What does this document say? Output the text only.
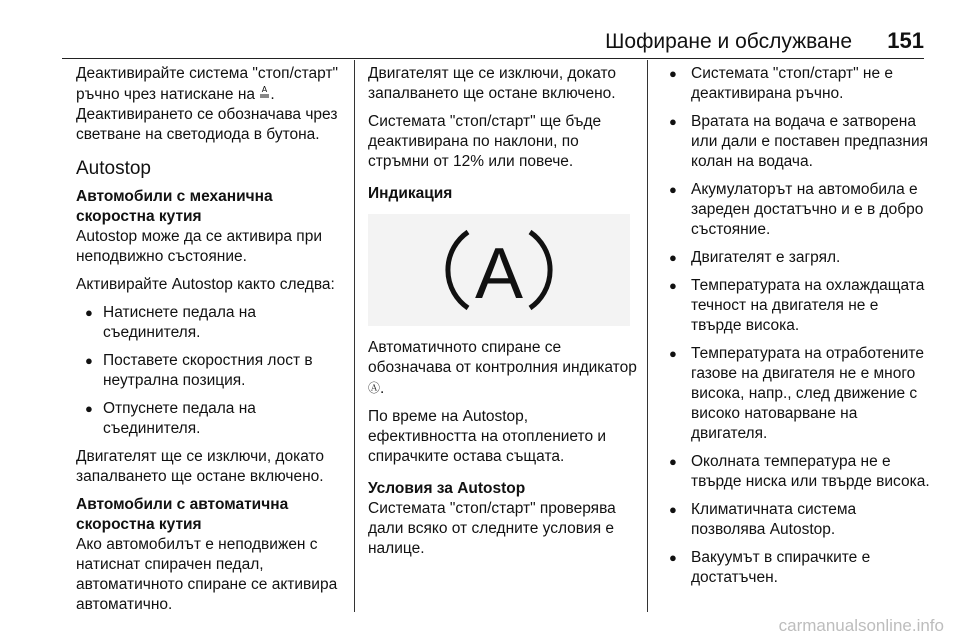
Шофиране и обслужване 151

Деактивирайте система "стоп/старт" ръчно чрез натискане на A . Деактивирането се обозначава чрез светване на светодиода в бутона.

Autostop

Автомобили с механична скоростна кутия

Autostop може да се активира при неподвижно състояние.

Активирайте Autostop както следва:

● Натиснете педала на съединителя.
● Поставете скоростния лост в неутрална позиция.
● Отпуснете педала на съединителя.

Двигателят ще се изключи, докато запалването ще остане включено.

Автомобили с автоматична скоростна кутия

Ако автомобилът е неподвижен с натиснат спирачен педал, автоматичното спиране се активира автоматично.

Двигателят ще се изключи, докато запалването ще остане включено.

Системата "стоп/старт" ще бъде деактивирана по наклони, по стръмни от 12% или повече.

Индикация
A

Автоматичното спиране се обозначава от контролния индикатор Ⓐ.

По време на Autostop, ефективността на отоплението и спирачките остава същата.

Условия за Autostop

Системата "стоп/старт" проверява дали всяко от следните условия е налице.

● Системата "стоп/старт" не е деактивирана ръчно.
● Вратата на водача е затворена или дали е поставен предпазния колан на водача.
● Акумулаторът на автомобила е зареден достатъчно и е в добро състояние.
● Двигателят е загрял.
● Температурата на охлаждащата течност на двигателя не е твърде висока.
● Температурата на отработените газове на двигателя не е много висока, напр., след движение с високо натоварване на двигателя.
● Околната температура не е твърде ниска или твърде висока.
● Климатичната система позволява Autostop.
● Вакуумът в спирачките е достатъчен.
carmanualsonline.info
